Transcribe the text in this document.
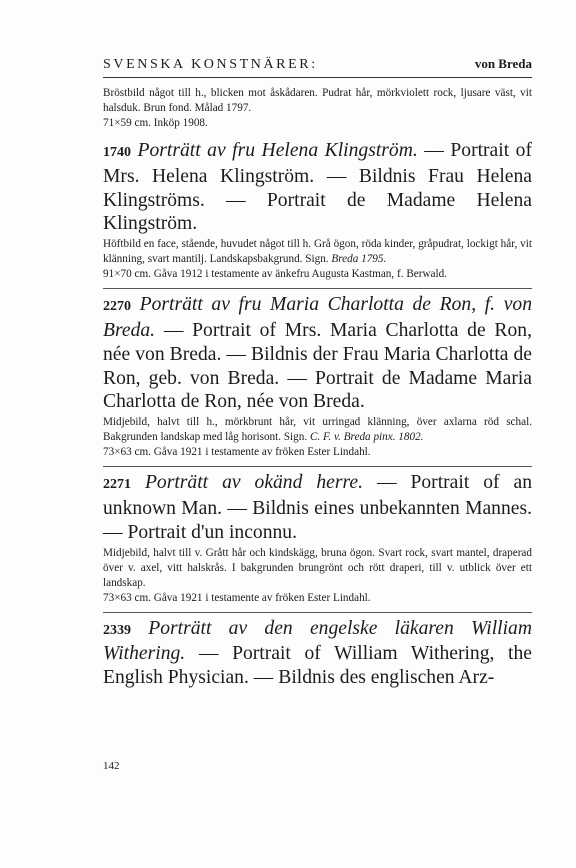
SVENSKA KONSTNÄRER:	von Breda
Bröstbild något till h., blicken mot åskådaren. Pudrat hår, mörkviolett rock, ljusare väst, vit halsduk. Brun fond. Målad 1797.
71×59 cm. Inköp 1908.
1740 Porträtt av fru Helena Klingström. — Portrait of Mrs. Helena Klingström. — Bildnis Frau Helena Klingströms. — Portrait de Madame Helena Klingström.
Höftbild en face, stående, huvudet något till h. Grå ögon, röda kinder, gråpudrat, lockigt hår, vit klänning, svart mantilj. Landskapsbakgrund. Sign. Breda 1795.
91×70 cm. Gåva 1912 i testamente av änkefru Augusta Kastman, f. Berwald.
2270 Porträtt av fru Maria Charlotta de Ron, f. von Breda. — Portrait of Mrs. Maria Charlotta de Ron, née von Breda. — Bildnis der Frau Maria Charlotta de Ron, geb. von Breda. — Portrait de Madame Maria Charlotta de Ron, née von Breda.
Midjebild, halvt till h., mörkbrunt hår, vit urringad klänning, över axlarna röd schal. Bakgrunden landskap med låg horisont. Sign. C. F. v. Breda pinx. 1802.
73×63 cm. Gåva 1921 i testamente av fröken Ester Lindahl.
2271 Porträtt av okänd herre. — Portrait of an unknown Man. — Bildnis eines unbekannten Mannes. — Portrait d'un inconnu.
Midjebild, halvt till v. Grått hår och kindskägg, bruna ögon. Svart rock, svart mantel, draperad över v. axel, vitt halskrås. I bakgrunden brungrönt och rött draperi, till v. utblick över ett landskap.
73×63 cm. Gåva 1921 i testamente av fröken Ester Lindahl.
2339 Porträtt av den engelske läkaren William Withering. — Portrait of William Withering, the English Physician. — Bildnis des englischen Arz-
142
